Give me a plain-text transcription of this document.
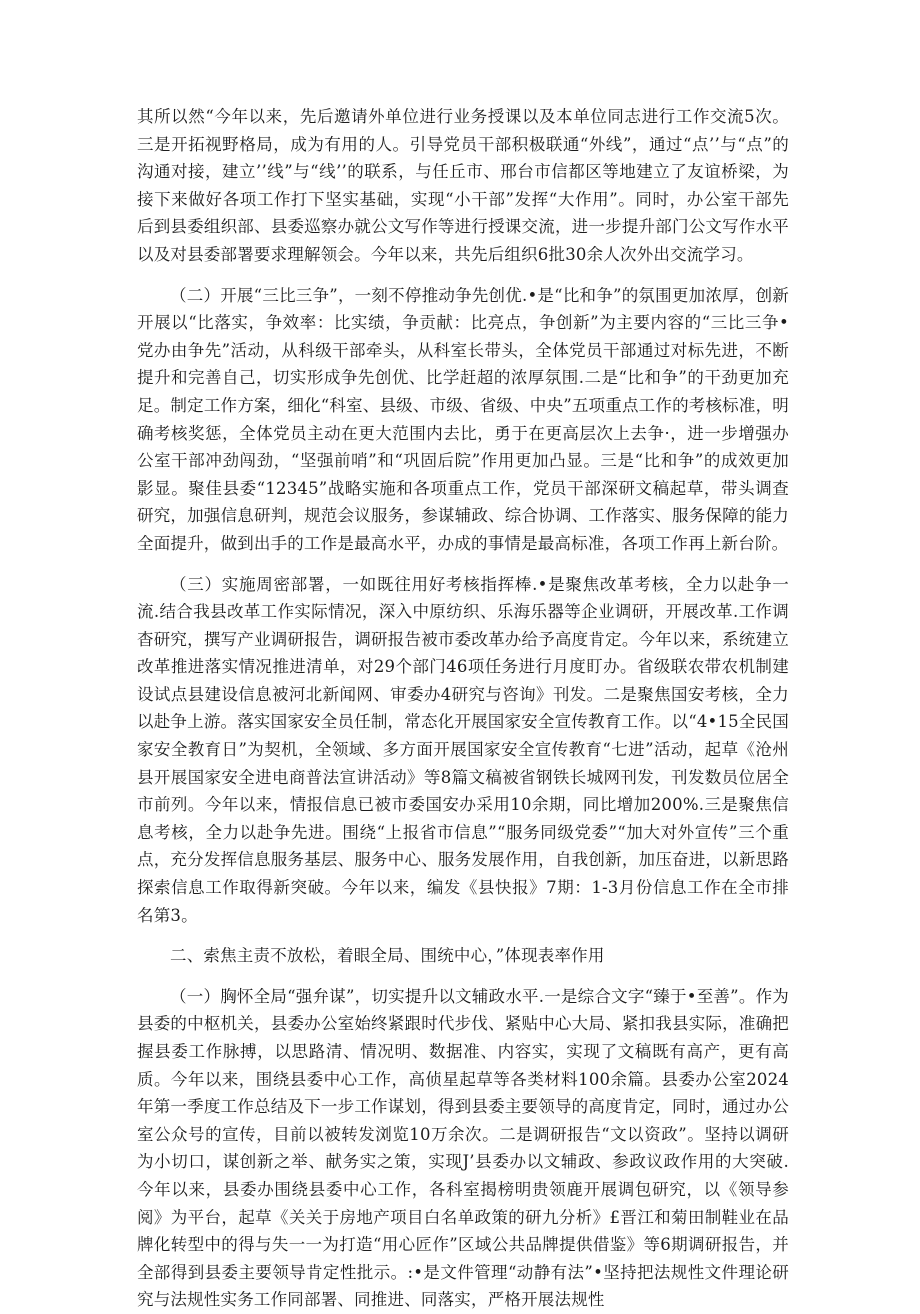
其所以然“今年以来，先后邀请外单位进行业务授课以及本单位同志进行工作交流5次。三是开拓视野格局，成为有用的人。引导党员干部积极联通“外线”，通过“点’’与“点”的沟通对接，建立’’线”与“线’’的联系，与任丘市、邢台市信都区等地建立了友谊桥梁，为接下来做好各项工作打下坚实基础，实现“小干部”发挥“大作用”。同时，办公室干部先后到县委组织部、县委巡察办就公文写作等进行授课交流，进一步提升部门公文写作水平以及对县委部署要求理解领会。今年以来，共先后组织6批30余人次外出交流学习。

（二）开展“三比三争”，一刻不停推动争先创优.•是“比和争”的氛围更加浓厚，创新开展以“比落实，争效率：比实绩，争贡献：比亮点，争创新”为主要内容的“三比三争•党办由争先”活动，从科级干部牵头，从科室长带头，全体党员干部通过对标先进，不断提升和完善自己，切实形成争先创优、比学赶超的浓厚氛围.二是“比和争”的干劲更加充足。制定工作方案，细化“科室、县级、市级、省级、中央”五项重点工作的考核标准，明确考核奖惩，全体党员主动在更大范围内去比，勇于在更高层次上去争·，进一步增强办公室干部冲劲闯劲，“坚强前哨”和“巩固后院”作用更加凸显。三是“比和争”的成效更加影显。聚佳县委“12345”战略实施和各项重点工作，党员干部深研文稿起草，带头调查研究，加强信息研判，规范会议服务，参谋辅政、综合协调、工作落实、服务保障的能力全面提升，做到出手的工作是最高水平，办成的事情是最高标准，各项工作再上新台阶。

（三）实施周密部署，一如既往用好考核指挥棒.•是聚焦改革考核，全力以赴争一流.结合我县改革工作实际情况，深入中原纺织、乐海乐器等企业调研，开展改革.工作调杳研究，撰写产业调研报告，调研报告被市委改革办给予高度肯定。今年以来，系统建立改革推进落实情况推进清单，对29个部门46项任务进行月度盯办。省级联农带农机制建设试点县建设信息被河北新闻网、审委办4研究与咨询》刊发。二是聚焦国安考核，全力以赴争上游。落实国家安全员任制，常态化开展国家安全宣传教育工作。以“4•15全民国家安全教育日”为契机，全领域、多方面开展国家安全宣传教育“七进”活动，起草《沧州县开展国家安全进电商普法宣讲活动》等8篇文稿被省钢铁长城网刊发，刊发数员位居全市前列。今年以来，情报信息已被市委国安办采用10余期，同比增加200%.三是聚焦信息考核，全力以赴争先进。围绕“上报省市信息”“服务同级党委”“加大对外宣传”三个重点，充分发挥信息服务基层、服务中心、服务发展作用，自我创新，加压奋进，以新思路探索信息工作取得新突破。今年以来，编发《县快报》7期：1-3月份信息工作在全市排名第3。

二、索焦主责不放松，着眼全局、围统中心，”体现表率作用

（一）胸怀全局“强弁谋”，切实提升以文辅政水平.一是综合文字“臻于•至善”。作为县委的中枢机关，县委办公室始终紧跟时代步伐、紧贴中心大局、紧扣我县实际，准确把握县委工作脉搏，以思路清、情况明、数据准、内容实，实现了文稿既有高产，更有高质。今年以来，围绕县委中心工作，高侦星起草等各类材料100余篇。县委办公室2024年第一季度工作总结及下一步工作谋划，得到县委主要领导的高度肯定，同时，通过办公室公众号的宣传，目前以被转发浏览10万余次。二是调研报告“文以资政”。坚持以调研为小切口，谋创新之举、献务实之策，实现J’县委办以文辅政、参政议政作用的大突破.今年以来，县委办围绕县委中心工作，各科室揭榜明贵领鹿开展调包研究，以《领导参阅》为平台，起草《关关于房地产项目白名单政策的研九分析》£晋江和菊田制鞋业在品牌化转型中的得与失一一为打造“用心匠作”区域公共品牌提供借鉴》等6期调研报告，并全部得到县委主要领导肯定性批示。:•是文件管理“动静有法”•坚持把法规性文件理论研究与法规性实务工作同部署、同推进、同落实，严格开展法规性
